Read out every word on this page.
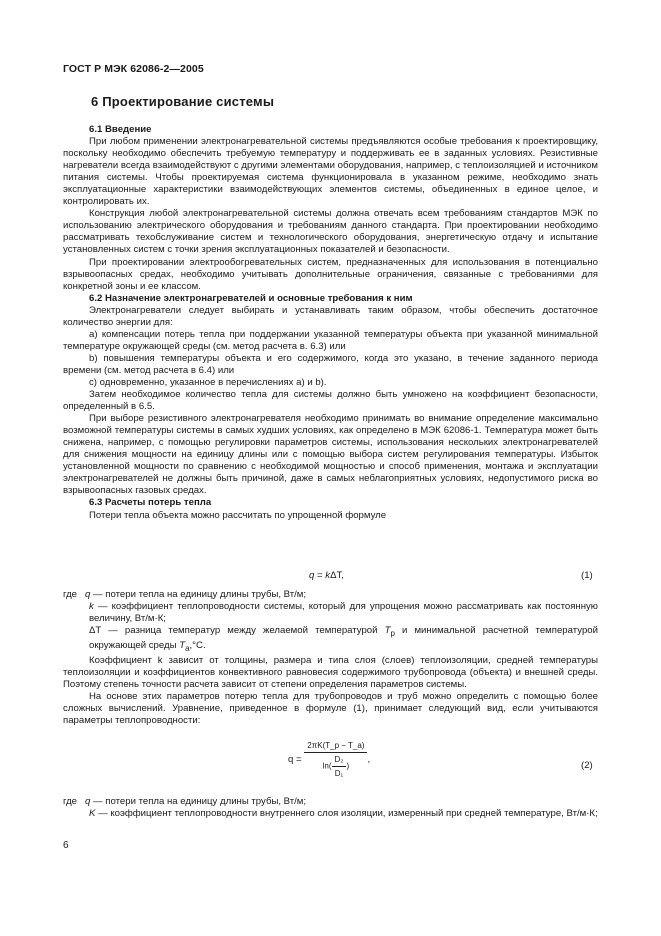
ГОСТ Р МЭК 62086-2—2005
6 Проектирование системы

6.1 Введение

При любом применении электронагревательной системы предъявляются особые требования к проектировщику, поскольку необходимо обеспечить требуемую температуру и поддерживать ее в заданных условиях. Резистивные нагреватели всегда взаимодействуют с другими элементами оборудования, например, с теплоизоляцией и источником питания системы. Чтобы проектируемая система функционировала в указанном режиме, необходимо знать эксплуатационные характеристики взаимодействующих элементов системы, объединенных в единое целое, и контролировать их.

Конструкция любой электронагревательной системы должна отвечать всем требованиям стандартов МЭК по использованию электрического оборудования и требованиям данного стандарта. При проектировании необходимо рассматривать техобслуживание систем и технологического оборудования, энергетическую отдачу и испытание установленных систем с точки зрения эксплуатационных показателей и безопасности.

При проектировании электрообогревательных систем, предназначенных для использования в потенциально взрывоопасных средах, необходимо учитывать дополнительные ограничения, связанные с требованиями для конкретной зоны и ее классом.

6.2 Назначение электронагревателей и основные требования к ним

Электронагреватели следует выбирать и устанавливать таким образом, чтобы обеспечить достаточное количество энергии для:

а) компенсации потерь тепла при поддержании указанной температуры объекта при указанной минимальной температуре окружающей среды (см. метод расчета в. 6.3) или

b) повышения температуры объекта и его содержимого, когда это указано, в течение заданного периода времени (см. метод расчета в 6.4) или

с) одновременно, указанное в перечислениях а) и b).

Затем необходимое количество тепла для системы должно быть умножено на коэффициент безопасности, определенный в 6.5.

При выборе резистивного электронагревателя необходимо принимать во внимание определение максимально возможной температуры системы в самых худших условиях, как определено в МЭК 62086-1. Температура может быть снижена, например, с помощью регулировки параметров системы, использования нескольких электронагревателей для снижения мощности на единицу длины или с помощью выбора систем регулирования температуры. Избыток установленной мощности по сравнению с необходимой мощностью и способ применения, монтажа и эксплуатации электронагревателей не должны быть причиной, даже в самых неблагоприятных условиях, недопустимого риска во взрывоопасных газовых средах.

6.3 Расчеты потерь тепла

Потери тепла объекта можно рассчитать по упрощенной формуле

q = kΔT,	(1)
где q — потери тепла на единицу длины трубы, Вт/м;
k — коэффициент теплопроводности системы, который для упрощения можно рассматривать как постоянную величину, Вт/м·К;
ΔT — разница температур между желаемой температурой $T_р$ и минимальной расчетной температурой окружающей среды $T_а,^\circ С$.

Коэффициент k зависит от толщины, размера и типа слоя (слоев) теплоизоляции, средней температуры теплоизоляции и коэффициентов конвективного равновесия содержимого трубопровода (объекта) и внешней среды. Поэтому степень точности расчета зависит от степени определения параметров системы.

На основе этих параметров потерю тепла для трубопроводов и труб можно определить с помощью более сложных вычислений. Уравнение, приведенное в формуле (1), принимает следующий вид, если учитываются параметры теплопроводности:

$q = \frac{2\pi K(T\_p - T\_a)}{\ln( \frac{\text{D₂}}{\text{D₁}} )}$ ,
(2)
где q — потери тепла на единицу длины трубы, Вт/м;
K — коэффициент теплопроводности внутреннего слоя изоляции, измеренный при средней температуре, Вт/м·К;
6
